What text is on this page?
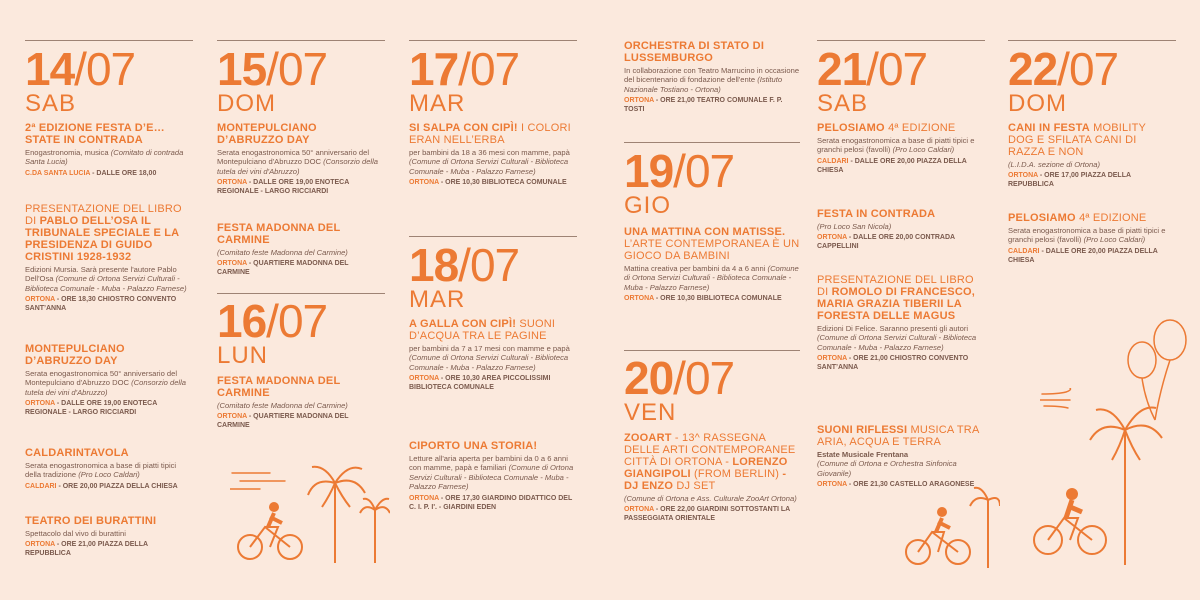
14/07
SAB
2ª EDIZIONE FESTA D’E…STATE IN CONTRADA

Enogastronomia, musica (Comitato di contrada Santa Lucia)

C.DA SANTA LUCIA - DALLE ORE 18,00
PRESENTAZIONE DEL LIBRO DI PABLO DELL’OSA IL TRIBUNALE SPECIALE E LA PRESIDENZA DI GUIDO CRISTINI 1928-1932

Edizioni Mursia. Sarà presente l'autore Pablo Dell'Osa (Comune di Ortona Servizi Culturali - Biblioteca Comunale - Muba - Palazzo Farnese)

ORTONA - ORE 18,30 CHIOSTRO CONVENTO SANT’ANNA
MONTEPULCIANO D’ABRUZZO DAY

Serata enogastronomica 50° anniversario del Montepulciano d'Abruzzo DOC (Consorzio della tutela dei vini d'Abruzzo)

ORTONA - DALLE ORE 19,00 ENOTECA REGIONALE - LARGO RICCIARDI
CALDARINTAVOLA

Serata enogastronomica a base di piatti tipici della tradizione (Pro Loco Caldari)

CALDARI - ORE 20,00 PIAZZA DELLA CHIESA
TEATRO DEI BURATTINI

Spettacolo dal vivo di burattini

ORTONA - ORE 21,00 PIAZZA DELLA REPUBBLICA
15/07
DOM
MONTEPULCIANO D’ABRUZZO DAY

Serata enogastronomica 50° anniversario del Montepulciano d'Abruzzo DOC (Consorzio della tutela dei vini d'Abruzzo)

ORTONA - DALLE ORE 19,00 ENOTECA REGIONALE - LARGO RICCIARDI
FESTA MADONNA DEL CARMINE

(Comitato feste Madonna del Carmine)

ORTONA - QUARTIERE MADONNA DEL CARMINE
16/07
LUN
FESTA MADONNA DEL CARMINE

(Comitato feste Madonna del Carmine)

ORTONA - QUARTIERE MADONNA DEL CARMINE
17/07
MAR
SI SALPA CON CIPÌ! I COLORI ERAN NELL’ERBA

per bambini da 18 a 36 mesi con mamme, papà (Comune di Ortona Servizi Culturali - Biblioteca Comunale - Muba - Palazzo Farnese)

ORTONA - ORE 10,30 BIBLIOTECA COMUNALE
18/07
MAR
A GALLA CON CIPÌ! SUONI D’ACQUA TRA LE PAGINE

per bambini da 7 a 17 mesi con mamme e papà (Comune di Ortona Servizi Culturali - Biblioteca Comunale - Muba - Palazzo Farnese)

ORTONA - ORE 10,30 AREA PICCOLISSIMI BIBLIOTECA COMUNALE
CIPORTO UNA STORIA!

Letture all'aria aperta per bambini da 0 a 6 anni con mamme, papà e familiari (Comune di Ortona Servizi Culturali - Biblioteca Comunale - Muba - Palazzo Farnese)

ORTONA - ORE 17,30 GIARDINO DIDATTICO DEL C. I. P. I'. - GIARDINI EDEN
ORCHESTRA DI STATO DI LUSSEMBURGO

In collaborazione con Teatro Marrucino in occasione del bicentenario di fondazione dell'ente (Istituto Nazionale Tostiano - Ortona)

ORTONA - ORE 21,00 TEATRO COMUNALE F. P. TOSTI
19/07
GIO
UNA MATTINA CON MATISSE. L’ARTE CONTEMPORANEA È UN GIOCO DA BAMBINI

Mattina creativa per bambini da 4 a 6 anni (Comune di Ortona Servizi Culturali - Biblioteca Comunale - Muba - Palazzo Farnese)

ORTONA - ORE 10,30 BIBLIOTECA COMUNALE
20/07
VEN
ZOOART - 13^ RASSEGNA DELLE ARTI CONTEMPORANEE CITTÀ DI ORTONA - LORENZO GIANGIPOLI (FROM BERLIN) - DJ ENZO DJ SET

(Comune di Ortona e Ass. Culturale ZooArt Ortona)

ORTONA - ORE 22,00 GIARDINI SOTTOSTANTI LA PASSEGGIATA ORIENTALE
21/07
SAB
PELOSIAMO 4ª EDIZIONE

Serata enogastronomica a base di piatti tipici e granchi pelosi (favolli) (Pro Loco Caldari)

CALDARI - DALLE ORE 20,00 PIAZZA DELLA CHIESA
FESTA IN CONTRADA

(Pro Loco San Nicola)

ORTONA - DALLE ORE 20,00 CONTRADA CAPPELLINI
PRESENTAZIONE DEL LIBRO DI ROMOLO DI FRANCESCO, MARIA GRAZIA TIBERII LA FORESTA DELLE MAGUS

Edizioni Di Felice. Saranno presenti gli autori (Comune di Ortona Servizi Culturali - Biblioteca Comunale - Muba - Palazzo Farnese)

ORTONA - ORE 21,00 CHIOSTRO CONVENTO SANT’ANNA
SUONI RIFLESSI MUSICA TRA ARIA, ACQUA E TERRA

Estate Musicale Frentana
(Comune di Ortona e Orchestra Sinfonica Giovanile)

ORTONA - ORE 21,30 CASTELLO ARAGONESE
22/07
DOM
CANI IN FESTA MOBILITY DOG E SFILATA CANI DI RAZZA E NON

(L.I.D.A. sezione di Ortona)

ORTONA - ORE 17,00 PIAZZA DELLA REPUBBLICA
PELOSIAMO 4ª EDIZIONE

Serata enogastronomica a base di piatti tipici e granchi pelosi (favolli) (Pro Loco Caldari)

CALDARI - DALLE ORE 20,00 PIAZZA DELLA CHIESA
